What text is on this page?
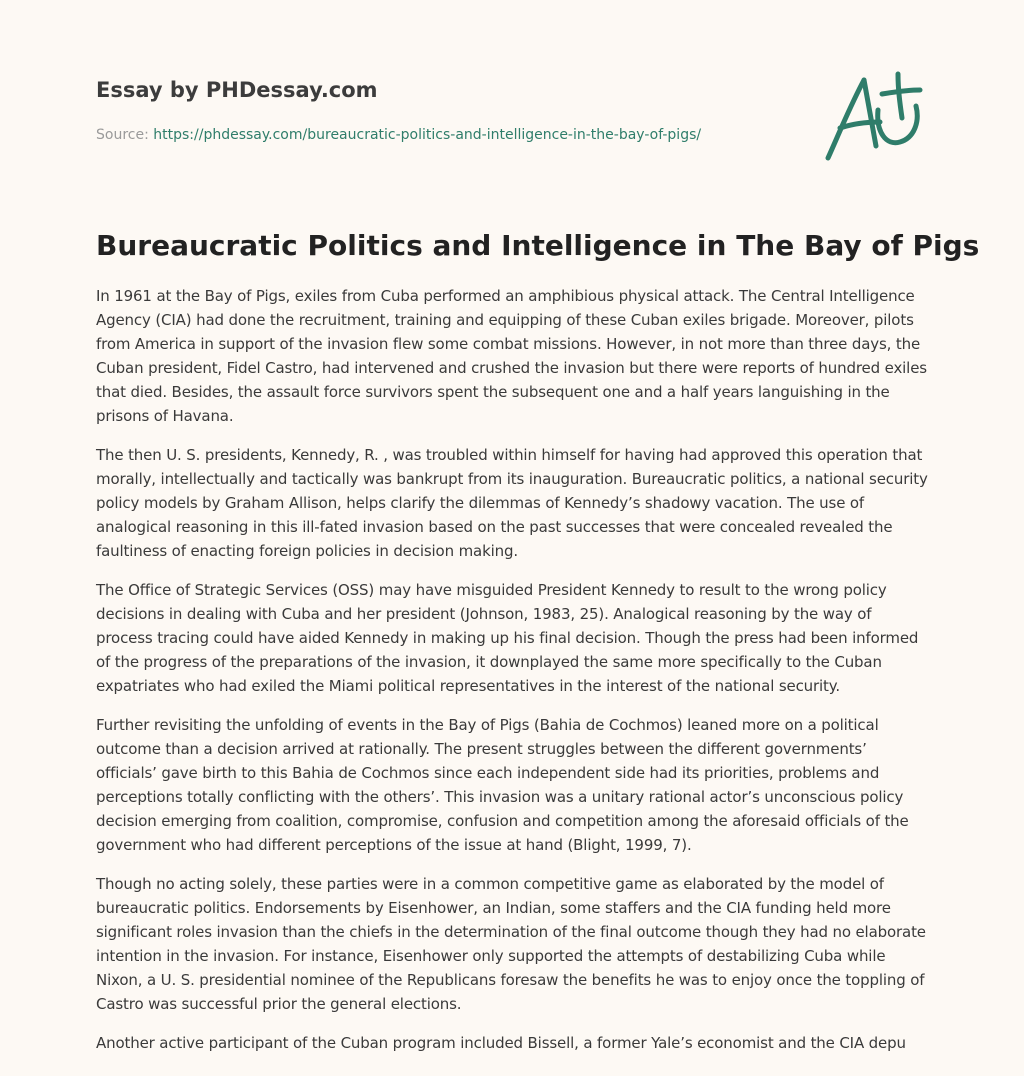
Essay by PHDessay.com
Source: https://phdessay.com/bureaucratic-politics-and-intelligence-in-the-bay-of-pigs/
Bureaucratic Politics and Intelligence in The Bay of Pigs

In 1961 at the Bay of Pigs, exiles from Cuba performed an amphibious physical attack. The Central Intelligence Agency (CIA) had done the recruitment, training and equipping of these Cuban exiles brigade. Moreover, pilots from America in support of the invasion flew some combat missions. However, in not more than three days, the Cuban president, Fidel Castro, had intervened and crushed the invasion but there were reports of hundred exiles that died. Besides, the assault force survivors spent the subsequent one and a half years languishing in the prisons of Havana.

The then U. S. presidents, Kennedy, R. , was troubled within himself for having had approved this operation that morally, intellectually and tactically was bankrupt from its inauguration. Bureaucratic politics, a national security policy models by Graham Allison, helps clarify the dilemmas of Kennedy’s shadowy vacation. The use of analogical reasoning in this ill-fated invasion based on the past successes that were concealed revealed the faultiness of enacting foreign policies in decision making.

The Office of Strategic Services (OSS) may have misguided President Kennedy to result to the wrong policy decisions in dealing with Cuba and her president (Johnson, 1983, 25). Analogical reasoning by the way of process tracing could have aided Kennedy in making up his final decision. Though the press had been informed of the progress of the preparations of the invasion, it downplayed the same more specifically to the Cuban expatriates who had exiled the Miami political representatives in the interest of the national security.

Further revisiting the unfolding of events in the Bay of Pigs (Bahia de Cochmos) leaned more on a political outcome than a decision arrived at rationally. The present struggles between the different governments’ officials’ gave birth to this Bahia de Cochmos since each independent side had its priorities, problems and perceptions totally conflicting with the others’. This invasion was a unitary rational actor’s unconscious policy decision emerging from coalition, compromise, confusion and competition among the aforesaid officials of the government who had different perceptions of the issue at hand (Blight, 1999, 7).

Though no acting solely, these parties were in a common competitive game as elaborated by the model of bureaucratic politics. Endorsements by Eisenhower, an Indian, some staffers and the CIA funding held more significant roles invasion than the chiefs in the determination of the final outcome though they had no elaborate intention in the invasion. For instance, Eisenhower only supported the attempts of destabilizing Cuba while Nixon, a U. S. presidential nominee of the Republicans foresaw the benefits he was to enjoy once the toppling of Castro was successful prior the general elections.

Another active participant of the Cuban program included Bissell, a former Yale’s economist and the CIA depu
